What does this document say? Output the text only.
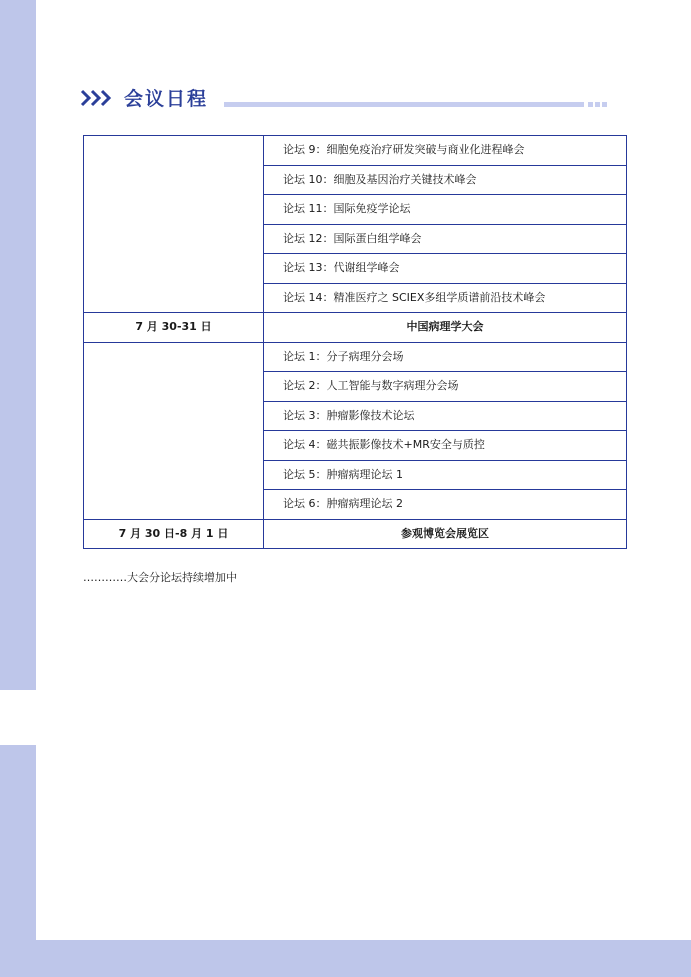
会议日程
	论坛 9：细胞免疫治疗研发突破与商业化进程峰会
	论坛 10：细胞及基因治疗关键技术峰会
	论坛 11：国际免疫学论坛
	论坛 12：国际蛋白组学峰会
	论坛 13：代谢组学峰会
	论坛 14：精准医疗之 SCIEX多组学质谱前沿技术峰会
7 月 30-31 日	中国病理学大会
	论坛 1：分子病理分会场
	论坛 2：人工智能与数字病理分会场
	论坛 3：肿瘤影像技术论坛
	论坛 4：磁共振影像技术+MR安全与质控
	论坛 5：肿瘤病理论坛 1
	论坛 6：肿瘤病理论坛 2
7 月 30 日-8 月 1 日	参观博览会展览区
…………大会分论坛持续增加中
